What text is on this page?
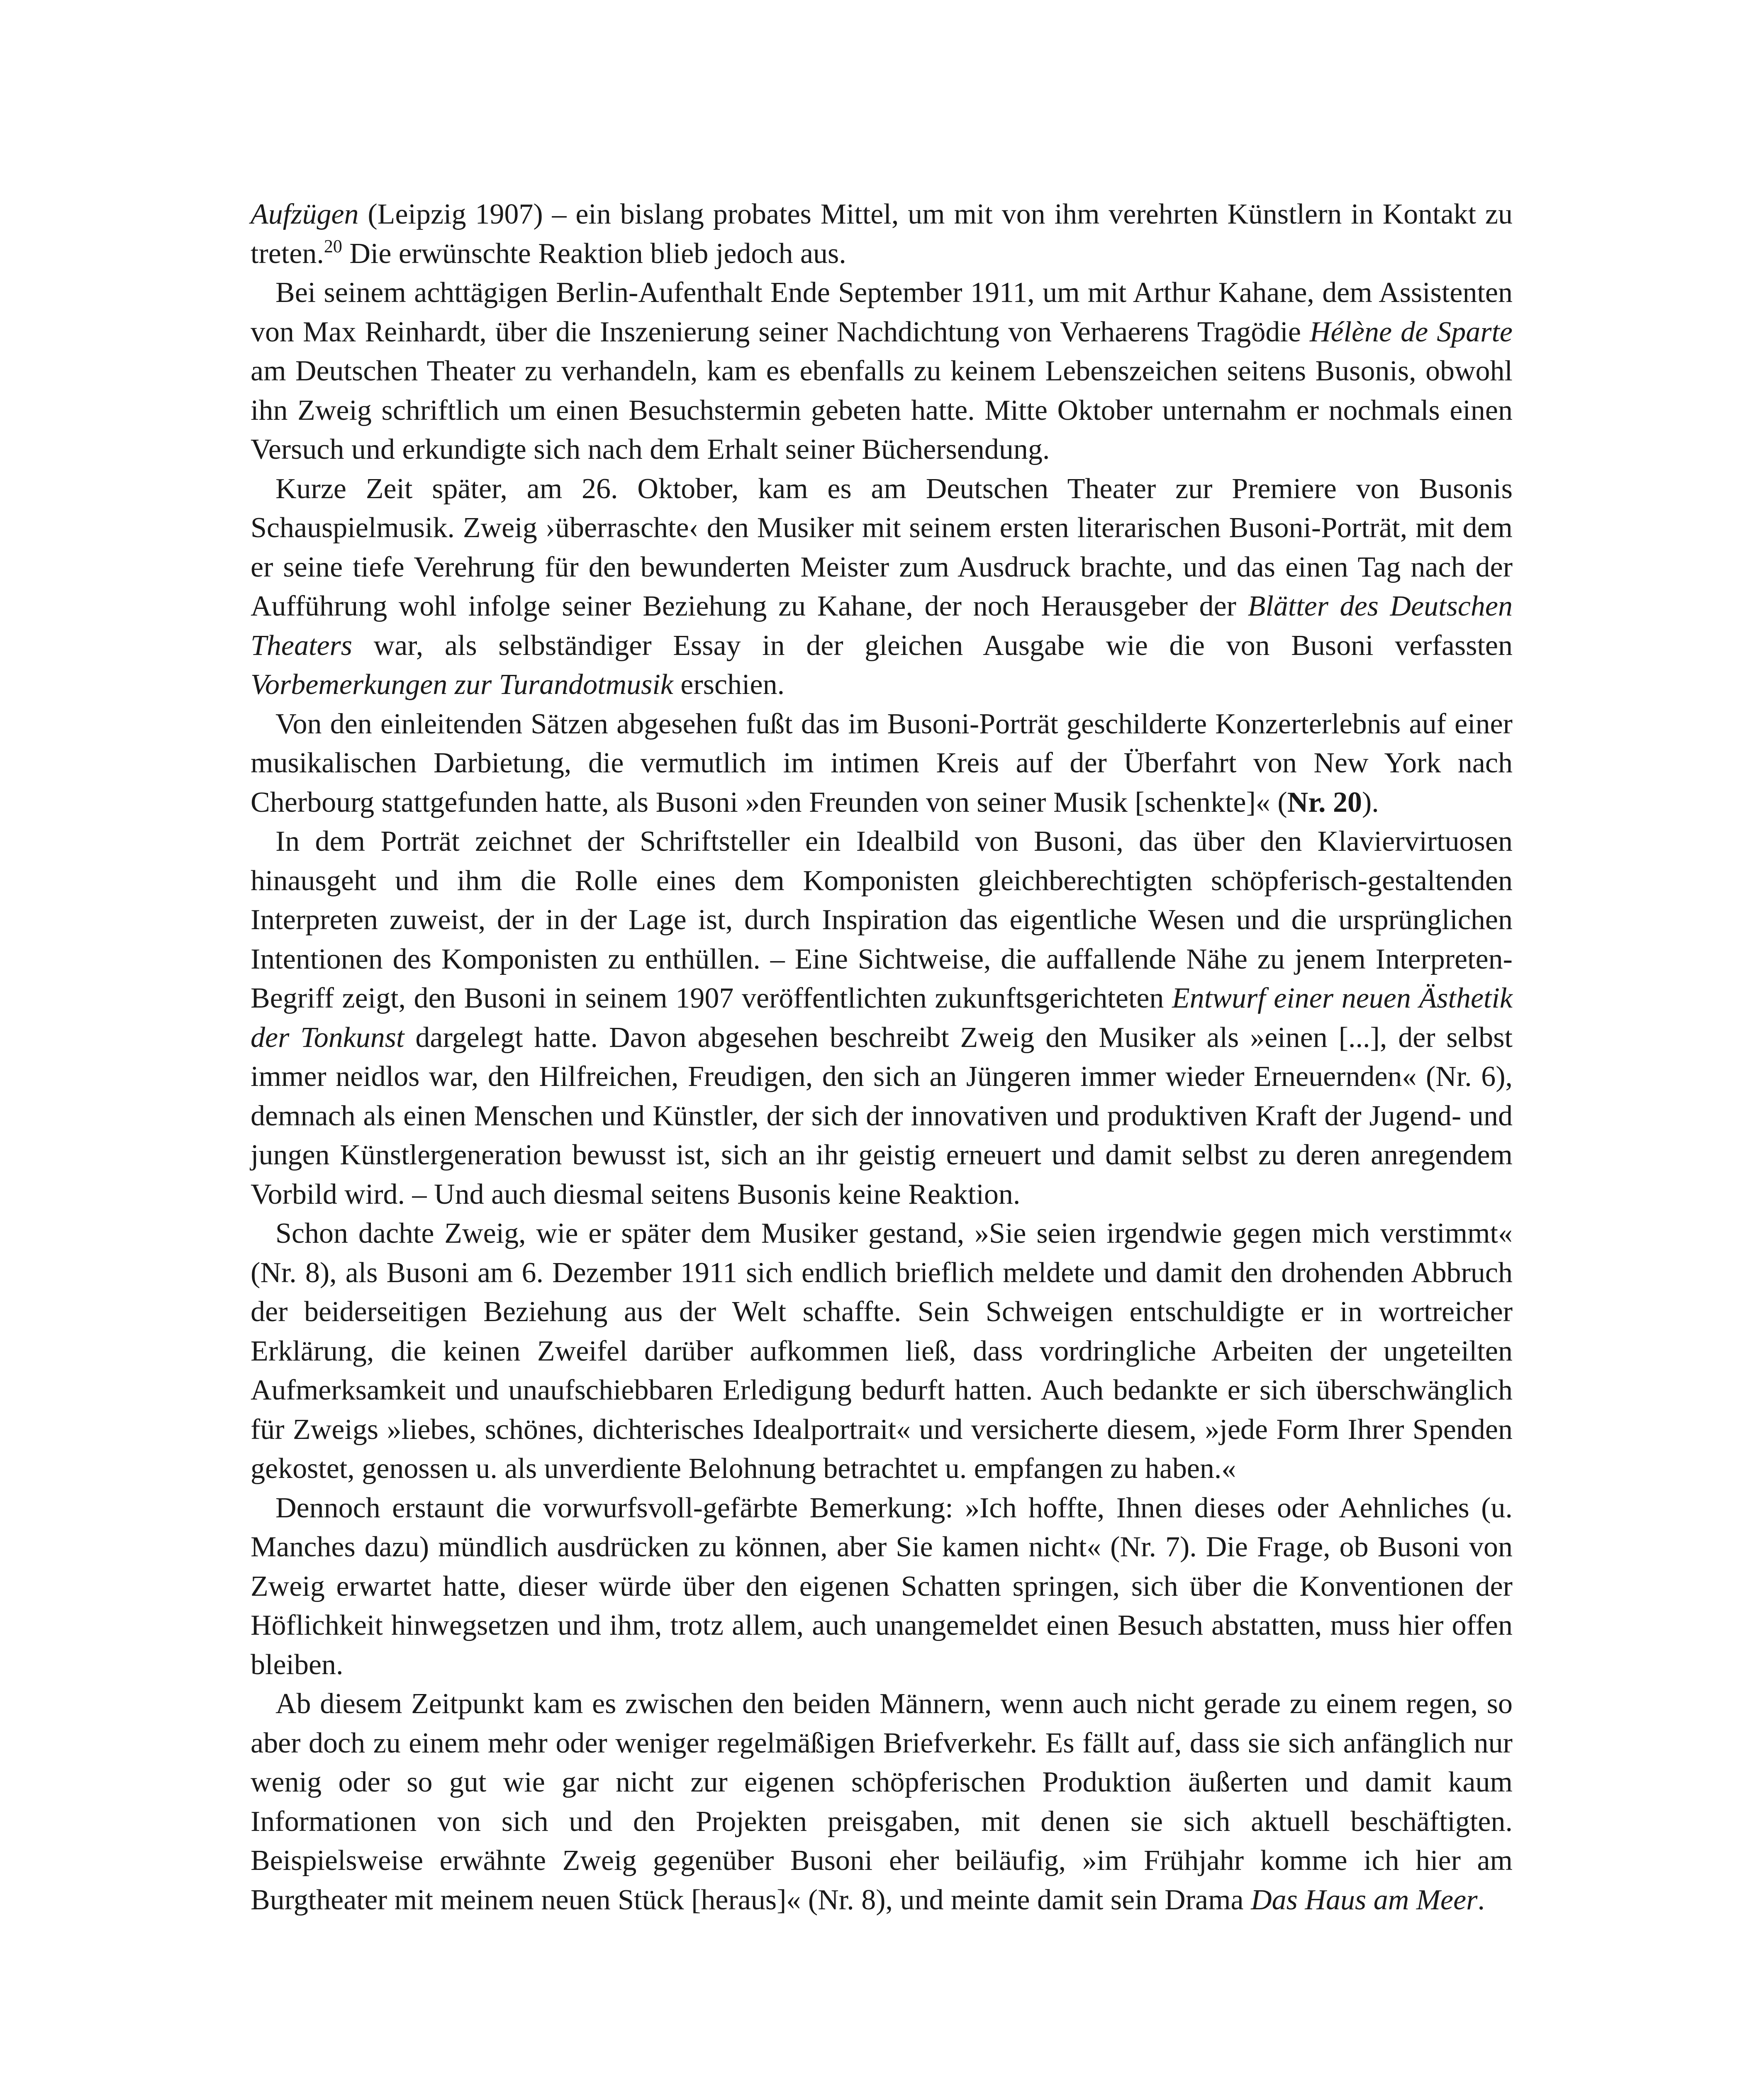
Aufzügen (Leipzig 1907) – ein bislang probates Mittel, um mit von ihm verehrten Künstlern in Kontakt zu treten.$^{20}$ Die erwünschte Reaktion blieb jedoch aus.

Bei seinem achttägigen Berlin-Aufenthalt Ende September 1911, um mit Arthur Kahane, dem Assistenten von Max Reinhardt, über die Inszenierung seiner Nachdichtung von Verhaerens Tragödie Hélène de Sparte am Deutschen Theater zu verhandeln, kam es ebenfalls zu keinem Lebenszeichen seitens Busonis, obwohl ihn Zweig schriftlich um einen Besuchstermin gebeten hatte. Mitte Oktober unternahm er nochmals einen Versuch und erkundigte sich nach dem Erhalt seiner Büchersendung.

Kurze Zeit später, am 26. Oktober, kam es am Deutschen Theater zur Premiere von Busonis Schauspielmusik. Zweig ›überraschte‹ den Musiker mit seinem ersten literarischen Busoni-Porträt, mit dem er seine tiefe Verehrung für den bewunderten Meister zum Ausdruck brachte, und das einen Tag nach der Aufführung wohl infolge seiner Beziehung zu Kahane, der noch Herausgeber der Blätter des Deutschen Theaters war, als selbständiger Essay in der gleichen Ausgabe wie die von Busoni verfassten Vorbemerkungen zur Turandotmusik erschien.

Von den einleitenden Sätzen abgesehen fußt das im Busoni-Porträt geschilderte Konzerterlebnis auf einer musikalischen Darbietung, die vermutlich im intimen Kreis auf der Überfahrt von New York nach Cherbourg stattgefunden hatte, als Busoni »den Freunden von seiner Musik [schenkte]« (Nr. 20).

In dem Porträt zeichnet der Schriftsteller ein Idealbild von Busoni, das über den Klaviervirtuosen hinausgeht und ihm die Rolle eines dem Komponisten gleichberechtigten schöpferisch-gestaltenden Interpreten zuweist, der in der Lage ist, durch Inspiration das eigentliche Wesen und die ursprünglichen Intentionen des Komponisten zu enthüllen. – Eine Sichtweise, die auffallende Nähe zu jenem Interpreten-Begriff zeigt, den Busoni in seinem 1907 veröffentlichten zukunftsgerichteten Entwurf einer neuen Ästhetik der Tonkunst dargelegt hatte. Davon abgesehen beschreibt Zweig den Musiker als »einen [...], der selbst immer neidlos war, den Hilfreichen, Freudigen, den sich an Jüngeren immer wieder Erneuernden« (Nr. 6), demnach als einen Menschen und Künstler, der sich der innovativen und produktiven Kraft der Jugend- und jungen Künstlergeneration bewusst ist, sich an ihr geistig erneuert und damit selbst zu deren anregendem Vorbild wird. – Und auch diesmal seitens Busonis keine Reaktion.

Schon dachte Zweig, wie er später dem Musiker gestand, »Sie seien irgendwie gegen mich verstimmt« (Nr. 8), als Busoni am 6. Dezember 1911 sich endlich brieflich meldete und damit den drohenden Abbruch der beiderseitigen Beziehung aus der Welt schaffte. Sein Schweigen entschuldigte er in wortreicher Erklärung, die keinen Zweifel darüber aufkommen ließ, dass vordringliche Arbeiten der ungeteilten Aufmerksamkeit und unaufschiebbaren Erledigung bedurft hatten. Auch bedankte er sich überschwänglich für Zweigs »liebes, schönes, dichterisches Idealportrait« und versicherte diesem, »jede Form Ihrer Spenden gekostet, genossen u. als unverdiente Belohnung betrachtet u. empfangen zu haben.«

Dennoch erstaunt die vorwurfsvoll-gefärbte Bemerkung: »Ich hoffte, Ihnen dieses oder Aehnliches (u. Manches dazu) mündlich ausdrücken zu können, aber Sie kamen nicht« (Nr. 7). Die Frage, ob Busoni von Zweig erwartet hatte, dieser würde über den eigenen Schatten springen, sich über die Konventionen der Höflichkeit hinwegsetzen und ihm, trotz allem, auch unangemeldet einen Besuch abstatten, muss hier offen bleiben.

Ab diesem Zeitpunkt kam es zwischen den beiden Männern, wenn auch nicht gerade zu einem regen, so aber doch zu einem mehr oder weniger regelmäßigen Briefverkehr. Es fällt auf, dass sie sich anfänglich nur wenig oder so gut wie gar nicht zur eigenen schöpferischen Produktion äußerten und damit kaum Informationen von sich und den Projekten preisgaben, mit denen sie sich aktuell beschäftigten. Beispielsweise erwähnte Zweig gegenüber Busoni eher beiläufig, »im Frühjahr komme ich hier am Burgtheater mit meinem neuen Stück [heraus]« (Nr. 8), und meinte damit sein Drama Das Haus am Meer.
